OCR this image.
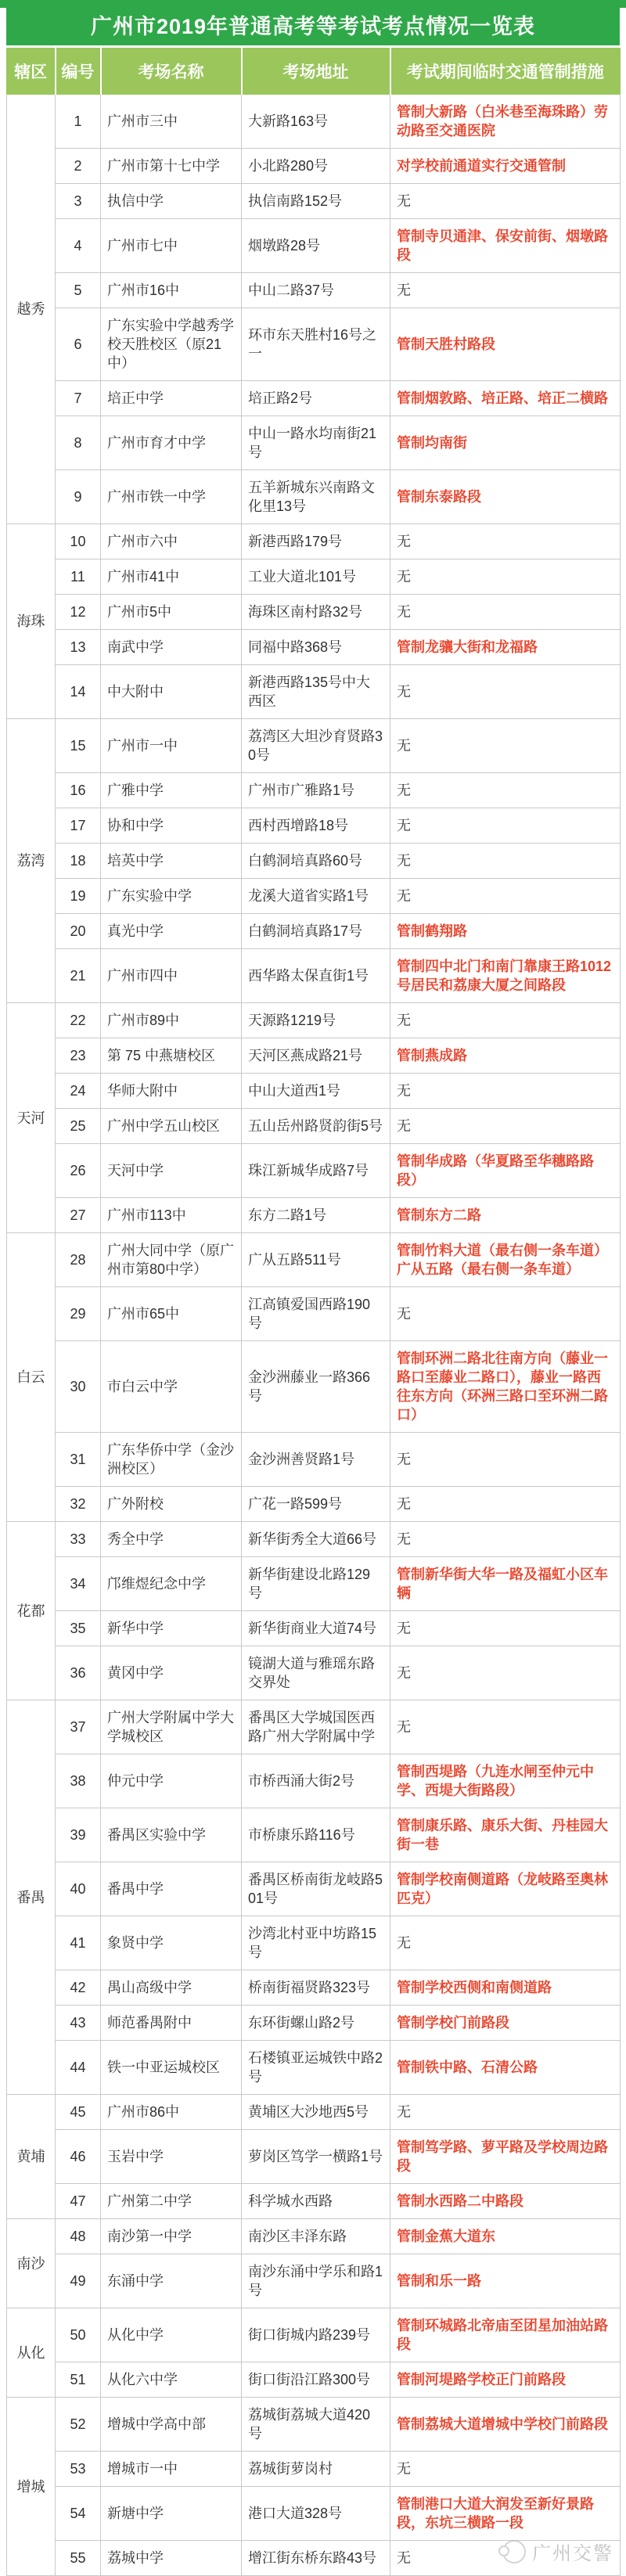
广州市2019年普通高考等考试考点情况一览表
辖区	编号	考场名称	考场地址	考试期间临时交通管制措施
越秀	1	广州市三中	大新路163号	管制大新路（白米巷至海珠路）劳动路至交通医院
	2	广州市第十七中学	小北路280号	对学校前通道实行交通管制
	3	执信中学	执信南路152号	无
	4	广州市七中	烟墩路28号	管制寺贝通津、保安前街、烟墩路段
	5	广州市16中	中山二路37号	无
	6	广东实验中学越秀学校天胜校区（原21中）	环市东天胜村16号之一	管制天胜村路段
	7	培正中学	培正路2号	管制烟敦路、培正路、培正二横路
	8	广州市育才中学	中山一路水均南街21号	管制均南街
	9	广州市铁一中学	五羊新城东兴南路文化里13号	管制东泰路段
海珠	10	广州市六中	新港西路179号	无
	11	广州市41中	工业大道北101号	无
	12	广州市5中	海珠区南村路32号	无
	13	南武中学	同福中路368号	管制龙骧大街和龙福路
	14	中大附中	新港西路135号中大西区	无
荔湾	15	广州市一中	荔湾区大坦沙育贤路30号	无
	16	广雅中学	广州市广雅路1号	无
	17	协和中学	西村西增路18号	无
	18	培英中学	白鹤洞培真路60号	无
	19	广东实验中学	龙溪大道省实路1号	无
	20	真光中学	白鹤洞培真路17号	管制鹤翔路
	21	广州市四中	西华路太保直街1号	管制四中北门和南门靠康王路1012 号居民和荔康大厦之间路段
天河	22	广州市89中	天源路1219号	无
	23	第 75 中燕塘校区	天河区燕成路21号	管制燕成路
	24	华师大附中	中山大道西1号	无
	25	广州中学五山校区	五山岳州路贤韵街5号	无
	26	天河中学	珠江新城华成路7号	管制华成路（华夏路至华穗路路段）
	27	广州市113中	东方二路1号	管制东方二路
白云	28	广州大同中学（原广州市第80中学）	广从五路511号	管制竹料大道（最右侧一条车道）广从五路（最右侧一条车道）
	29	广州市65中	江高镇爱国西路190号	无
	30	市白云中学	金沙洲藤业一路366号	管制环洲二路北往南方向（藤业一路口至藤业二路口），藤业一路西往东方向（环洲三路口至环洲二路口）
	31	广东华侨中学（金沙洲校区）	金沙洲善贤路1号	无
	32	广外附校	广花一路599号	无
花都	33	秀全中学	新华街秀全大道66号	无
	34	邝维煜纪念中学	新华街建设北路129号	管制新华街大华一路及福虹小区车辆
	35	新华中学	新华街商业大道74号	无
	36	黄冈中学	镜湖大道与雅瑶东路交界处	无
番禺	37	广州大学附属中学大学城校区	番禺区大学城国医西路广州大学附属中学	无
	38	仲元中学	市桥西涌大街2号	管制西堤路（九连水闸至仲元中学、西堤大街路段）
	39	番禺区实验中学	市桥康乐路116号	管制康乐路、康乐大街、丹桂园大街一巷
	40	番禺中学	番禺区桥南街龙岐路501号	管制学校南侧道路（龙岐路至奥林匹克）
	41	象贤中学	沙湾北村亚中坊路15号	无
	42	禺山高级中学	桥南街福贤路323号	管制学校西侧和南侧道路
	43	师范番禺附中	东环街螺山路2号	管制学校门前路段
	44	铁一中亚运城校区	石楼镇亚运城铁中路2号	管制铁中路、石清公路
黄埔	45	广州市86中	黄埔区大沙地西5号	无
	46	玉岩中学	萝岗区笃学一横路1号	管制笃学路、萝平路及学校周边路段
	47	广州第二中学	科学城水西路	管制水西路二中路段
南沙	48	南沙第一中学	南沙区丰泽东路	管制金蕉大道东
	49	东涌中学	南沙东涌中学乐和路1号	管制和乐一路
从化	50	从化中学	街口街城内路239号	管制环城路北帝庙至团星加油站路段
	51	从化六中学	街口街沿江路300号	管制河堤路学校正门前路段
增城	52	增城中学高中部	荔城街荔城大道420号	管制荔城大道增城中学校门前路段
	53	增城市一中	荔城街萝岗村	无
	54	新塘中学	港口大道328号	管制港口大道大润发至新好景路段，东坑三横路一段
	55	荔城中学	增江街东桥东路43号	无	广州交警
